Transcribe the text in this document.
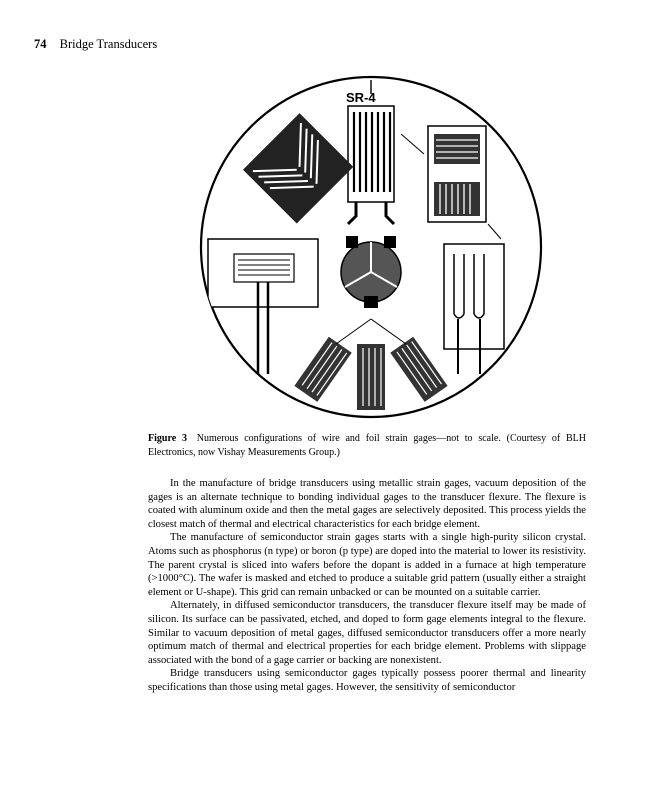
74 Bridge Transducers
SR-4
Figure 3 Numerous configurations of wire and foil strain gages—not to scale. (Courtesy of BLH Electronics, now Vishay Measurements Group.)

In the manufacture of bridge transducers using metallic strain gages, vacuum deposition of the gages is an alternate technique to bonding individual gages to the transducer flexure. The flexure is coated with aluminum oxide and then the metal gages are selectively deposited. This process yields the closest match of thermal and electrical characteristics for each bridge element.

The manufacture of semiconductor strain gages starts with a single high-purity silicon crystal. Atoms such as phosphorus (n type) or boron (p type) are doped into the material to lower its resistivity. The parent crystal is sliced into wafers before the dopant is added in a furnace at high temperature (>1000°C). The wafer is masked and etched to produce a suitable grid pattern (usually either a straight element or U-shape). This grid can remain unbacked or can be mounted on a suitable carrier.

Alternately, in diffused semiconductor transducers, the transducer flexure itself may be made of silicon. Its surface can be passivated, etched, and doped to form gage elements integral to the flexure. Similar to vacuum deposition of metal gages, diffused semiconductor transducers offer a more nearly optimum match of thermal and electrical properties for each bridge element. Problems with slippage associated with the bond of a gage carrier or backing are nonexistent.

Bridge transducers using semiconductor gages typically possess poorer thermal and linearity specifications than those using metal gages. However, the sensitivity of semiconductor
